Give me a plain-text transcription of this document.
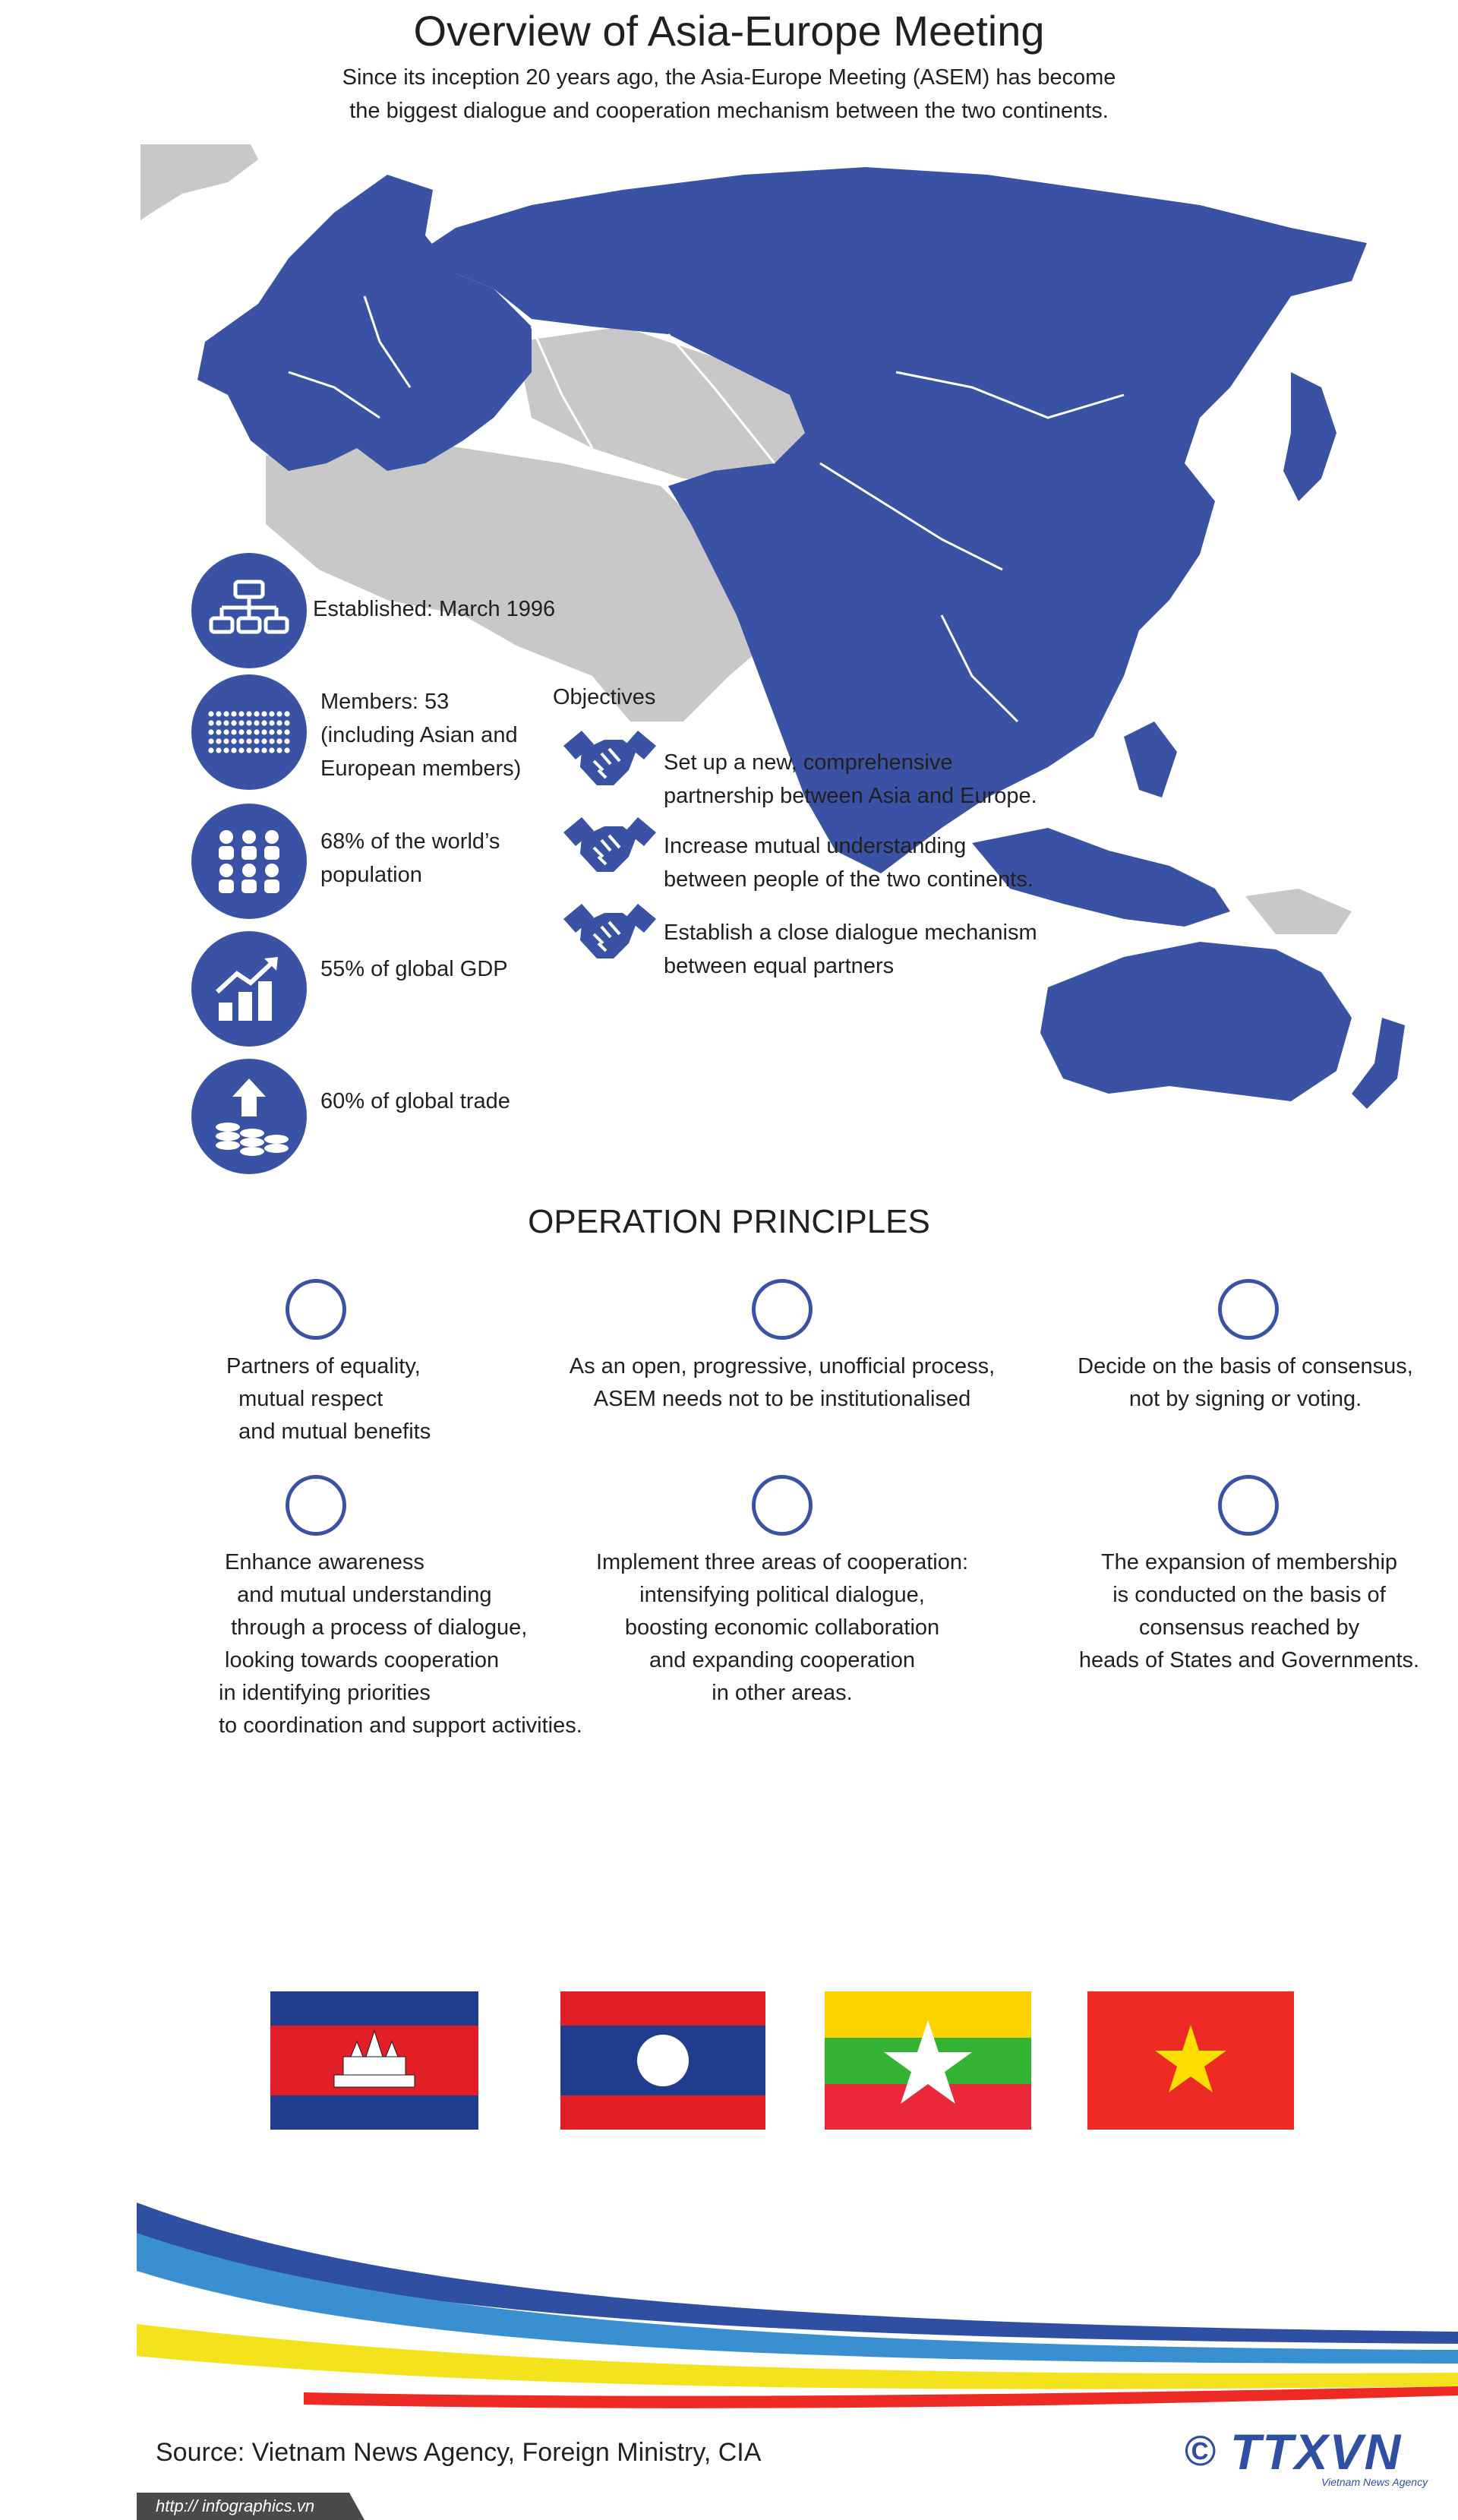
Overview of Asia-Europe Meeting
Since its inception 20 years ago, the Asia-Europe Meeting (ASEM) has become
the biggest dialogue and cooperation mechanism between the two continents.
Established: March 1996
Members: 53
(including Asian and
European members)
68% of the world’s
population
55% of global GDP
60% of global trade
Objectives
Set up a new, comprehensive
partnership between Asia and Europe.
Increase mutual understanding
between people of the two continents.
Establish a close dialogue mechanism
between equal partners
OPERATION PRINCIPLES
Partners of equality,
mutual respect
and mutual benefits
As an open, progressive, unofficial process,
ASEM needs not to be institutionalised
Decide on the basis of consensus,
not by signing or voting.
Enhance awareness
and mutual understanding
through a process of dialogue,
looking towards cooperation
in identifying priorities
to coordination and support activities.
Implement three areas of cooperation:
intensifying political dialogue,
boosting economic collaboration
and expanding cooperation
in other areas.
The expansion of membership
is conducted on the basis of
consensus reached by
heads of States and Governments.
Source: Vietnam News Agency, Foreign Ministry, CIA
http:// infographics.vn
© TTXVN
Vietnam News Agency
